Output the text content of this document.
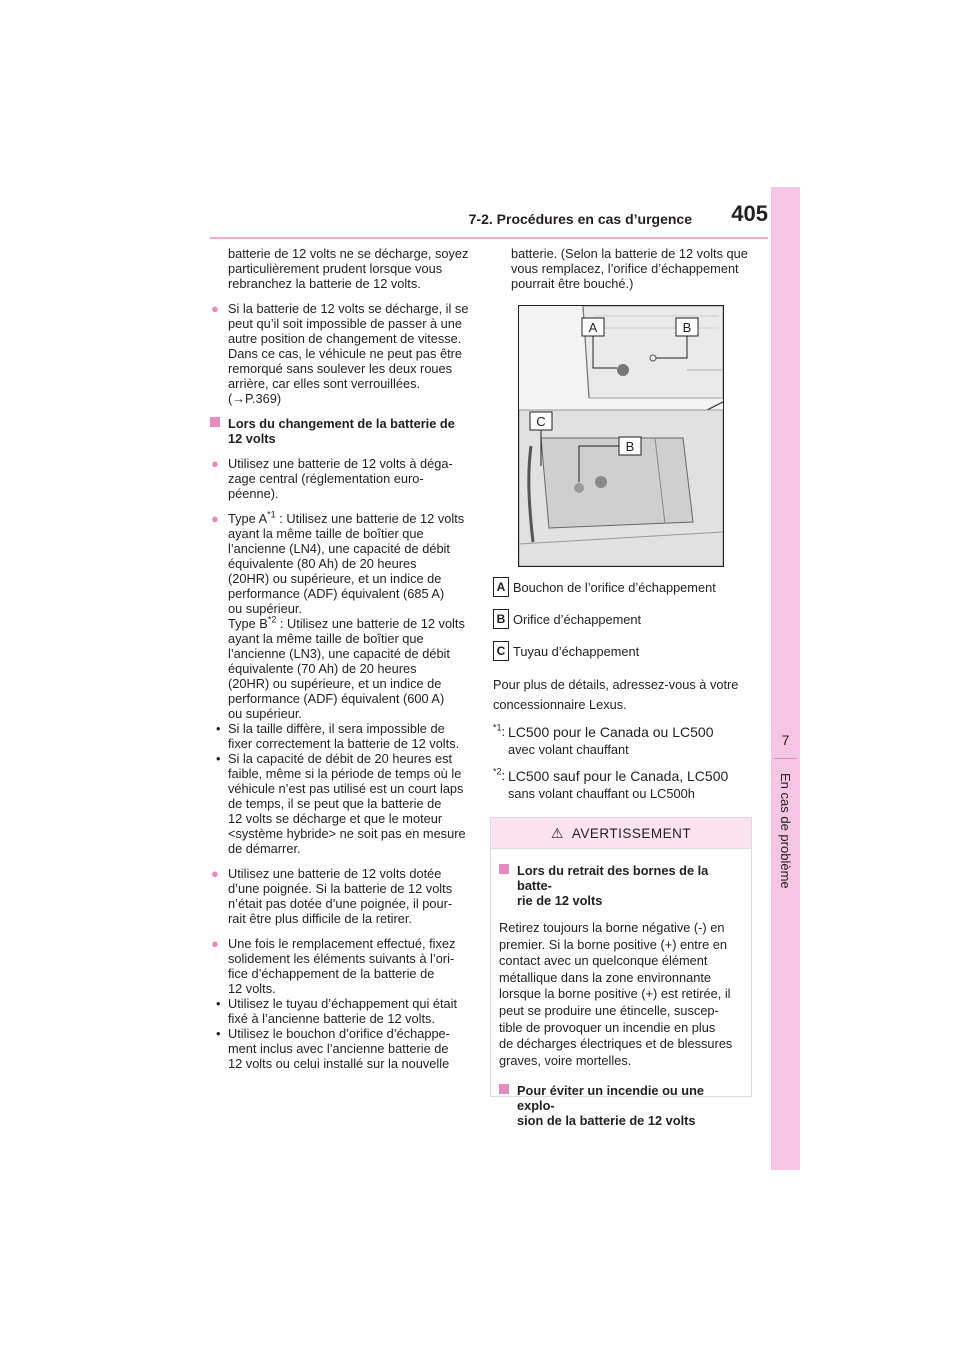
7-2. Procédures en cas d’urgence 405
7
En cas de problème

batterie de 12 volts ne se décharge, soyez

particulièrement prudent lorsque vous

rebranchez la batterie de 12 volts.

● Si la batterie de 12 volts se décharge, il se

peut qu’il soit impossible de passer à une

autre position de changement de vitesse.

Dans ce cas, le véhicule ne peut pas être

remorqué sans soulever les deux roues

arrière, car elles sont verrouillées.

(→P.369)

Lors du changement de la batterie de

12 volts

● Utilisez une batterie de 12 volts à déga-

zage central (réglementation euro-

péenne).

● Type $A^{*1}$ : Utilisez une batterie de 12 volts

ayant la même taille de boîtier que

l’ancienne (LN4), une capacité de débit

équivalente (80 Ah) de 20 heures

(20HR) ou supérieure, et un indice de

performance (ADF) équivalent (685 A)

ou supérieur.

Type $B^{*2}$ : Utilisez une batterie de 12 volts

ayant la même taille de boîtier que

l’ancienne (LN3), une capacité de débit

équivalente (70 Ah) de 20 heures

(20HR) ou supérieure, et un indice de

performance (ADF) équivalent (600 A)

ou supérieur.

• Si la taille diffère, il sera impossible de

fixer correctement la batterie de 12 volts.

• Si la capacité de débit de 20 heures est

faible, même si la période de temps où le

véhicule n’est pas utilisé est un court laps

de temps, il se peut que la batterie de

12 volts se décharge et que le moteur

<système hybride> ne soit pas en mesure

de démarrer.

● Utilisez une batterie de 12 volts dotée

d’une poignée. Si la batterie de 12 volts

n’était pas dotée d’une poignée, il pour-

rait être plus difficile de la retirer.

● Une fois le remplacement effectué, fixez

solidement les éléments suivants à l’ori-

fice d’échappement de la batterie de

12 volts.

• Utilisez le tuyau d’échappement qui était

fixé à l’ancienne batterie de 12 volts.

• Utilisez le bouchon d’orifice d’échappe-

ment inclus avec l’ancienne batterie de

12 volts ou celui installé sur la nouvelle

batterie. (Selon la batterie de 12 volts que

vous remplacez, l’orifice d’échappement

pourrait être bouché.)

A	B
C
B
A Bouchon de l’orifice d’échappement
B Orifice d’échappement
C Tuyau d’échappement

Pour plus de détails, adressez-vous à votre

concessionnaire Lexus.

$^{*1}$: LC500 pour le Canada ou LC500

avec volant chauffant

$^{*2}$: LC500 sauf pour le Canada, LC500

sans volant chauffant ou LC500h

⚠ AVERTISSEMENT

Lors du retrait des bornes de la batte-

rie de 12 volts

Retirez toujours la borne négative (-) en

premier. Si la borne positive (+) entre en

contact avec un quelconque élément

métallique dans la zone environnante

lorsque la borne positive (+) est retirée, il

peut se produire une étincelle, suscep-

tible de provoquer un incendie en plus

de décharges électriques et de blessures

graves, voire mortelles.

Pour éviter un incendie ou une explo-

sion de la batterie de 12 volts
